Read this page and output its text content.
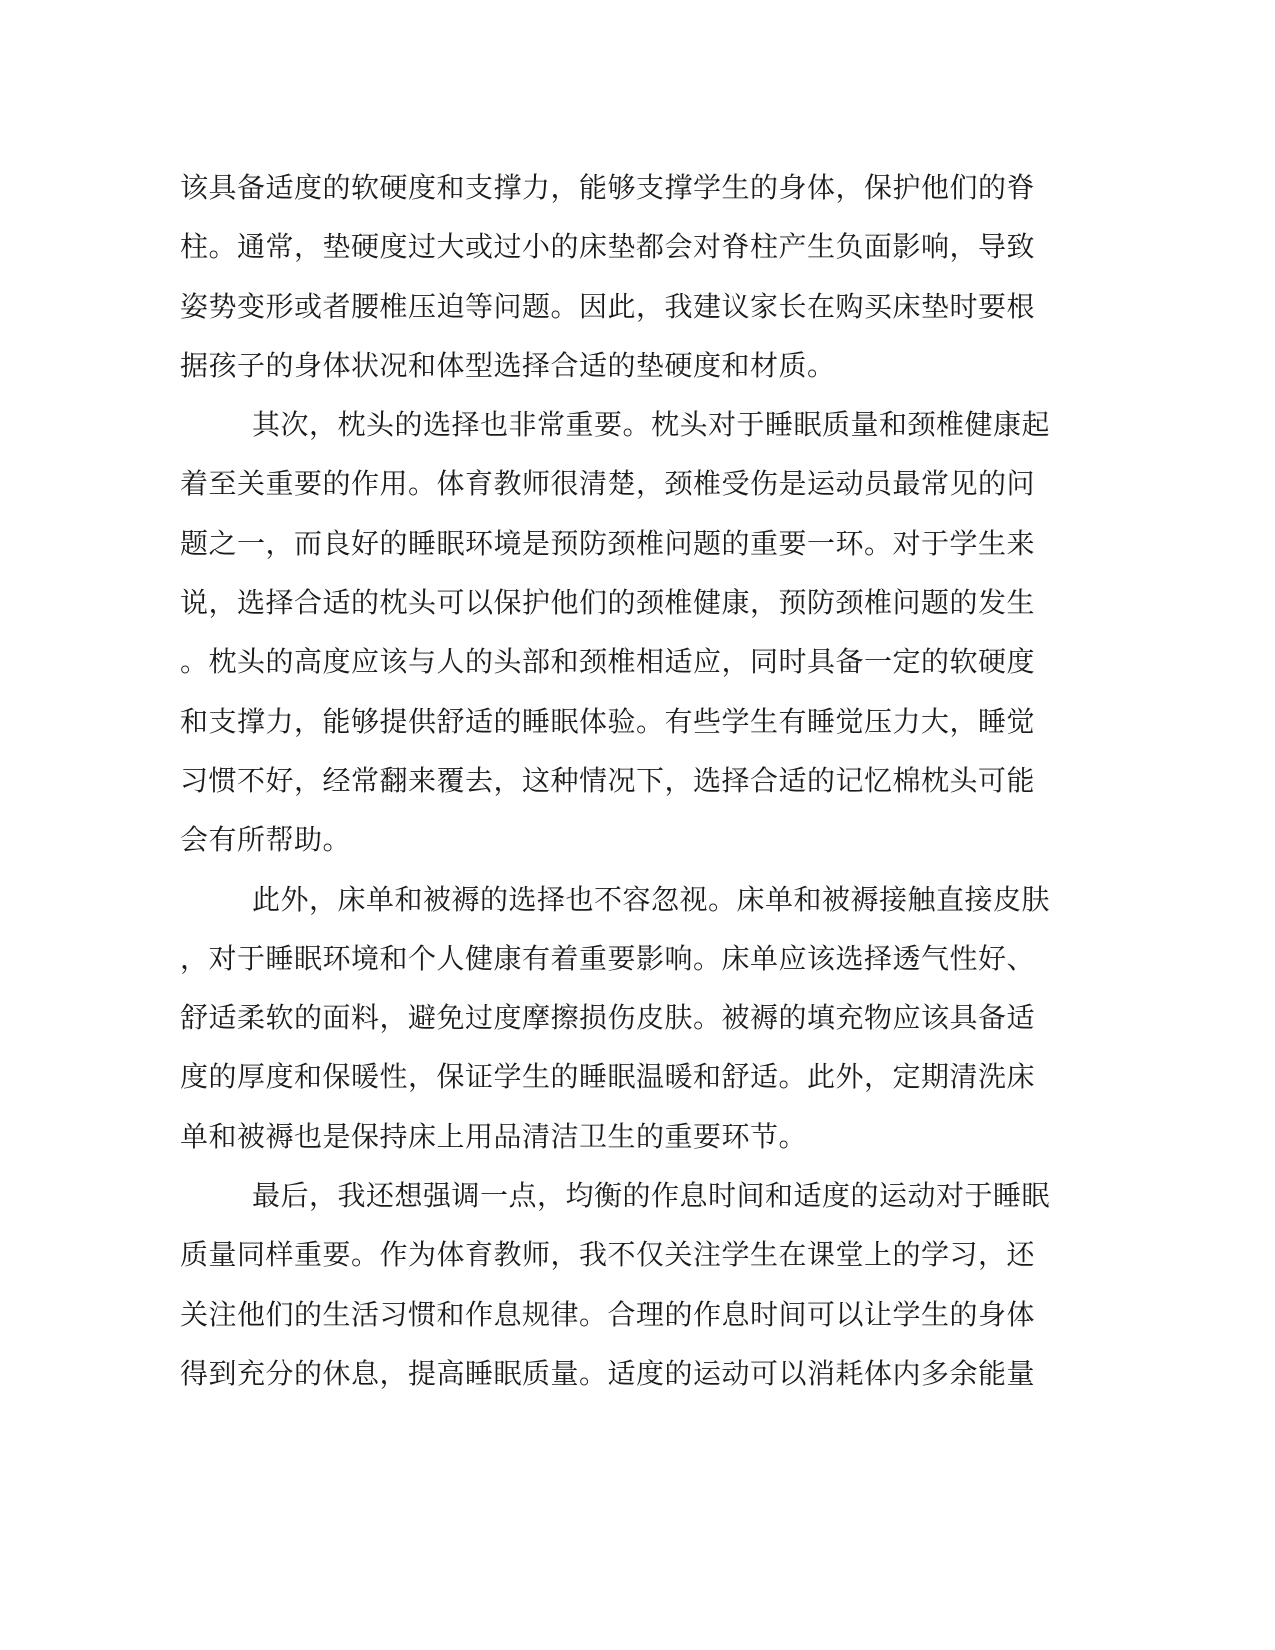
该具备适度的软硬度和支撑力，能够支撑学生的身体，保护他们的脊
柱。通常，垫硬度过大或过小的床垫都会对脊柱产生负面影响，导致
姿势变形或者腰椎压迫等问题。因此，我建议家长在购买床垫时要根
据孩子的身体状况和体型选择合适的垫硬度和材质。
其次，枕头的选择也非常重要。枕头对于睡眠质量和颈椎健康起
着至关重要的作用。体育教师很清楚，颈椎受伤是运动员最常见的问
题之一，而良好的睡眠环境是预防颈椎问题的重要一环。对于学生来
说，选择合适的枕头可以保护他们的颈椎健康，预防颈椎问题的发生
。枕头的高度应该与人的头部和颈椎相适应，同时具备一定的软硬度
和支撑力，能够提供舒适的睡眠体验。有些学生有睡觉压力大，睡觉
习惯不好，经常翻来覆去，这种情况下，选择合适的记忆棉枕头可能
会有所帮助。
此外，床单和被褥的选择也不容忽视。床单和被褥接触直接皮肤
，对于睡眠环境和个人健康有着重要影响。床单应该选择透气性好、
舒适柔软的面料，避免过度摩擦损伤皮肤。被褥的填充物应该具备适
度的厚度和保暖性，保证学生的睡眠温暖和舒适。此外，定期清洗床
单和被褥也是保持床上用品清洁卫生的重要环节。
最后，我还想强调一点，均衡的作息时间和适度的运动对于睡眠
质量同样重要。作为体育教师，我不仅关注学生在课堂上的学习，还
关注他们的生活习惯和作息规律。合理的作息时间可以让学生的身体
得到充分的休息，提高睡眠质量。适度的运动可以消耗体内多余能量
